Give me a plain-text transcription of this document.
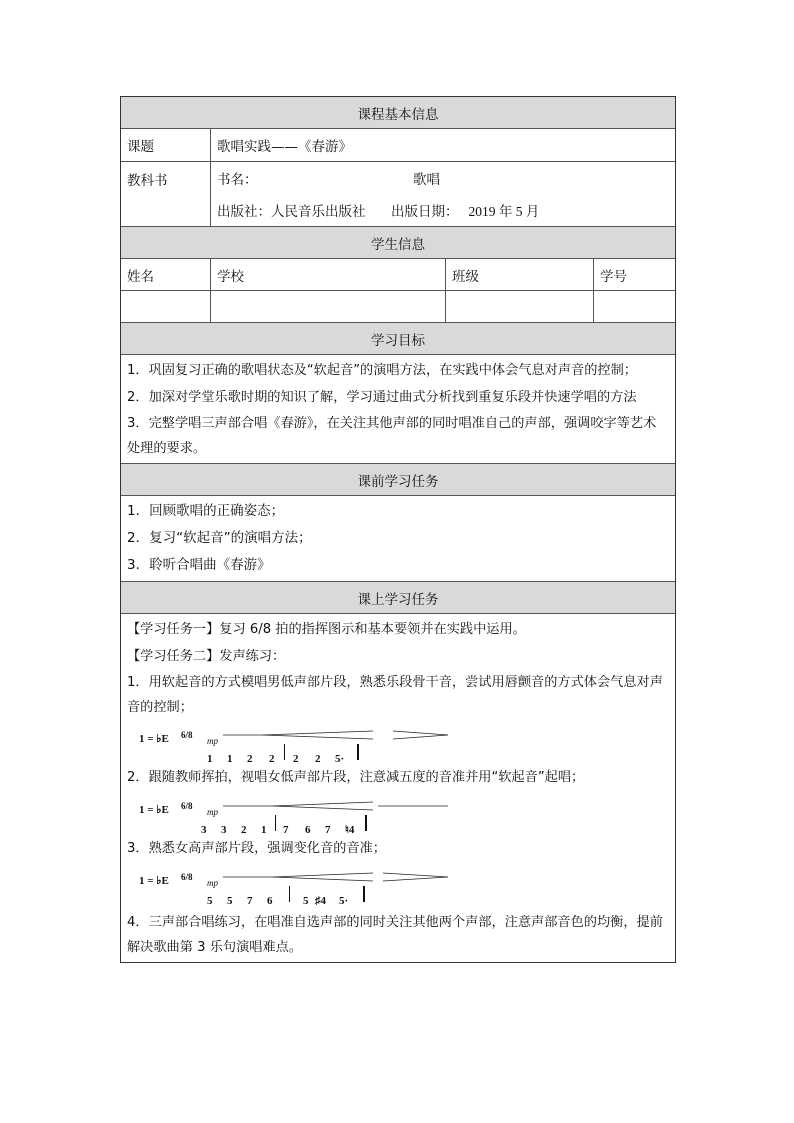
课程基本信息
课题	歌唱实践——《春游》
教科书	书名：	歌唱
出版社： 人民音乐出版社	出版日期： 2019 年 5 月
学生信息
姓名	学校	班级	学号
学习目标
1．巩固复习正确的歌唱状态及“软起音”的演唱方法，在实践中体会气息对声音的控制；
2．加深对学堂乐歌时期的知识了解，学习通过曲式分析找到重复乐段并快速学唱的方法
3．完整学唱三声部合唱《春游》，在关注其他声部的同时唱准自己的声部，强调咬字等艺术处理的要求。
课前学习任务
1．回顾歌唱的正确姿态；
2．复习“软起音”的演唱方法；
3．聆听合唱曲《春游》
课上学习任务
【学习任务一】复习 6/8 拍的指挥图示和基本要领并在实践中运用。
【学习任务二】发声练习：
1．用软起音的方式模唱男低声部片段，熟悉乐段骨干音，尝试用唇颤音的方式体会气息对声音的控制；
1 = ♭E 6/8
mp
1 1 2 2 2 2 5·
2．跟随教师挥拍，视唱女低声部片段，注意减五度的音准并用“软起音”起唱；
1 = ♭E 6/8
mp
3 3 2 1 7 6 7 ♮4
3．熟悉女高声部片段，强调变化音的音准；
1 = ♭E 6/8
mp
5 5 7 6	5 ♯4 5·
4．三声部合唱练习，在唱准自选声部的同时关注其他两个声部，注意声部音色的均衡，提前解决歌曲第 3 乐句演唱难点。
